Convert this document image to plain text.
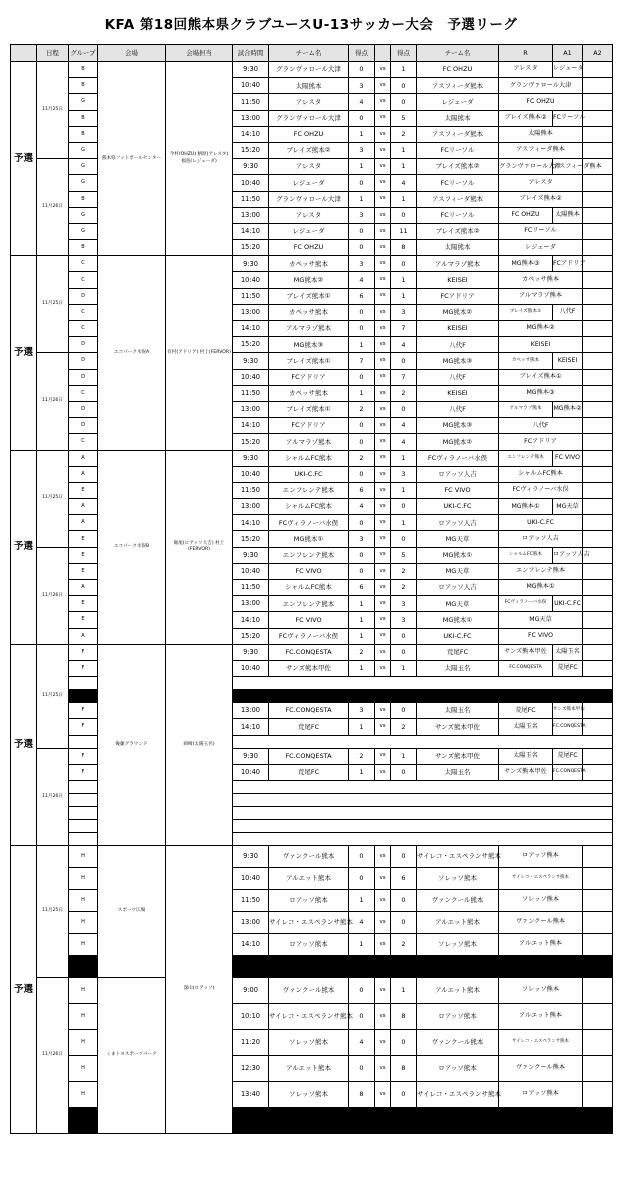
KFA 第18回熊本県クラブユースU-13サッカー大会　予選リーグ
	日程	グループ	会場	会場担当	試合時間	チーム名	得点		得点	チーム名	R	A1	A2
予選	11月25日	B	熊本県フットボールセンター	今村(OHZU) 柄原(アレスタ) 福島(レジェーダ)	9:30	グランヴァロール大津	0	vs	1	FC OHZU	アレスタ	レジェーダ	
		B			10:40	太陽熊本	3	vs	0	アスフィーダ熊本	グランヴァロール大津		
		G			11:50	アレスタ	4	vs	0	レジェーダ	FC OHZU		
		B			13:00	グランヴァロール大津	0	vs	5	太陽熊本	ブレイズ熊本②	FCリーソル	
		B			14:10	FC OHZU	1	vs	2	アスフィーダ熊本	太陽熊本		
		G			15:20	ブレイズ熊本②	3	vs	1	FCリーソル	アスフィーダ熊本		
	11月26日	G			9:30	アレスタ	1	vs	1	ブレイズ熊本②	グランヴァロール大津	アスフィーダ熊本	
		G			10:40	レジェーダ	0	vs	4	FCリーソル	アレスタ		
		B			11:50	グランヴァロール大津	1	vs	1	アスフィーダ熊本	ブレイズ熊本②		
		G			13:00	アレスタ	3	vs	0	FCリーソル	FC OHZU	太陽熊本	
		G			14:10	レジェーダ	0	vs	11	ブレイズ熊本②	FCリーソル		
		B			15:20	FC OHZU	0	vs	8	太陽熊本	レジェーダ		
予選	11月25日	C	エコパーク水俣A	有村(アドリア) 村上(FERVOR)	9:30	カペッサ熊本	3	vs	0	アルマラゾ熊本	MG熊本③	FCアドリア	
		C			10:40	MG熊本②	4	vs	1	KEISEI	カペッサ熊本		
		D			11:50	ブレイズ熊本①	6	vs	1	FCアドリア	アルマラゾ熊本		
		C			13:00	カペッサ熊本	0	vs	3	MG熊本②	ブレイズ熊本①	八代F	
		C			14:10	アルマラゾ熊本	0	vs	7	KEISEI	MG熊本②		
		D			15:20	MG熊本③	1	vs	4	八代F	KEISEI		
	11月26日	D			9:30	ブレイズ熊本①	7	vs	0	MG熊本③	カペッサ熊本	KEISEI	
		D			10:40	FCアドリア	0	vs	7	八代F	ブレイズ熊本①		
		C			11:50	カペッサ熊本	1	vs	2	KEISEI	MG熊本③		
		D			13:00	ブレイズ熊本①	2	vs	0	八代F	アルマラゾ熊本	MG熊本②	
		D			14:10	FCアドリア	0	vs	4	MG熊本③	八代F		
		C			15:20	アルマラゾ熊本	0	vs	4	MG熊本②	FCアドリア		
予選	11月25日	A	エコパーク水俣B	堀尾(ロアッソ人吉) 村上(FERVOR)	9:30	シャルムFC熊本	2	vs	1	FCヴィラノーバ水俣	エンフレンテ熊本	FC VIVO	
		A			10:40	UKI-C.FC	0	vs	3	ロアッソ人吉	シャルムFC熊本		
		E			11:50	エンフレンテ熊本	6	vs	1	FC VIVO	FCヴィラノーバ水俣		
		A			13:00	シャルムFC熊本	4	vs	0	UKI-C.FC	MG熊本①	MG天草	
		A			14:10	FCヴィラノーバ水俣	0	vs	1	ロアッソ人吉	UKI-C.FC		
		E			15:20	MG熊本①	3	vs	0	MG天草	ロアッソ人吉		
	11月26日	E			9:30	エンフレンテ熊本	0	vs	5	MG熊本①	シャルムFC熊本	ロアッソ人吉	
		E			10:40	FC VIVO	0	vs	2	MG天草	エンフレンテ熊本		
		A			11:50	シャルムFC熊本	6	vs	2	ロアッソ人吉	MG熊本①		
		E			13:00	エンフレンテ熊本	1	vs	3	MG天草	FCヴィラノーバ水俣	UKI-C.FC	
		E			14:10	FC VIVO	1	vs	3	MG熊本①	MG天草		
		A			15:20	FCヴィラノーバ水俣	1	vs	0	UKI-C.FC	FC VIVO		
予選	11月25日	F	後藤グラウンド	岡崎(太陽玉名)	9:30	FC.CONQESTA	2	vs	0	荒尾FC	サンズ熊本甲佐	太陽玉名	
		F			10:40	サンズ熊本甲佐	1	vs	1	太陽玉名	FC.CONQESTA	荒尾FC	

		F			13:00	FC.CONQESTA	3	vs	0	太陽玉名	荒尾FC	サンズ熊本甲佐	
		F			14:10	荒尾FC	1	vs	2	サンズ熊本甲佐	太陽玉名	FC.CONQESTA	

	11月26日	F			9:30	FC.CONQESTA	2	vs	1	サンズ熊本甲佐	太陽玉名	荒尾FC	
		F			10:40	荒尾FC	1	vs	0	太陽玉名	サンズ熊本甲佐	FC.CONQESTA	

予選	11月25日	H	スポーツ広場	深山(ロアッソ)	9:30	ヴァンクール熊本	0	vs	0	サイレコ・エスペランサ熊本	ロアッソ熊本		
		H			10:40	アルエット熊本	0	vs	6	ソレッソ熊本	サイレコ・エスペランサ熊本		
		H			11:50	ロアッソ熊本	1	vs	0	ヴァンクール熊本	ソレッソ熊本		
		H			13:00	サイレコ・エスペランサ熊本	4	vs	0	アルエット熊本	ヴァンクール熊本		
		H			14:10	ロアッソ熊本	1	vs	2	ソレッソ熊本	アルエット熊本		

	11月26日	H	くまトヨスポーツパーク		9:00	ヴァンクール熊本	0	vs	1	アルエット熊本	ソレッソ熊本		
		H			10:10	サイレコ・エスペランサ熊本	0	vs	8	ロアッソ熊本	アルエット熊本		
		H			11:20	ソレッソ熊本	4	vs	0	ヴァンクール熊本	サイレコ・エスペランサ熊本		
		H			12:30	アルエット熊本	0	vs	8	ロアッソ熊本	ヴァンクール熊本		
		H			13:40	ソレッソ熊本	8	vs	0	サイレコ・エスペランサ熊本	ロアッソ熊本		
